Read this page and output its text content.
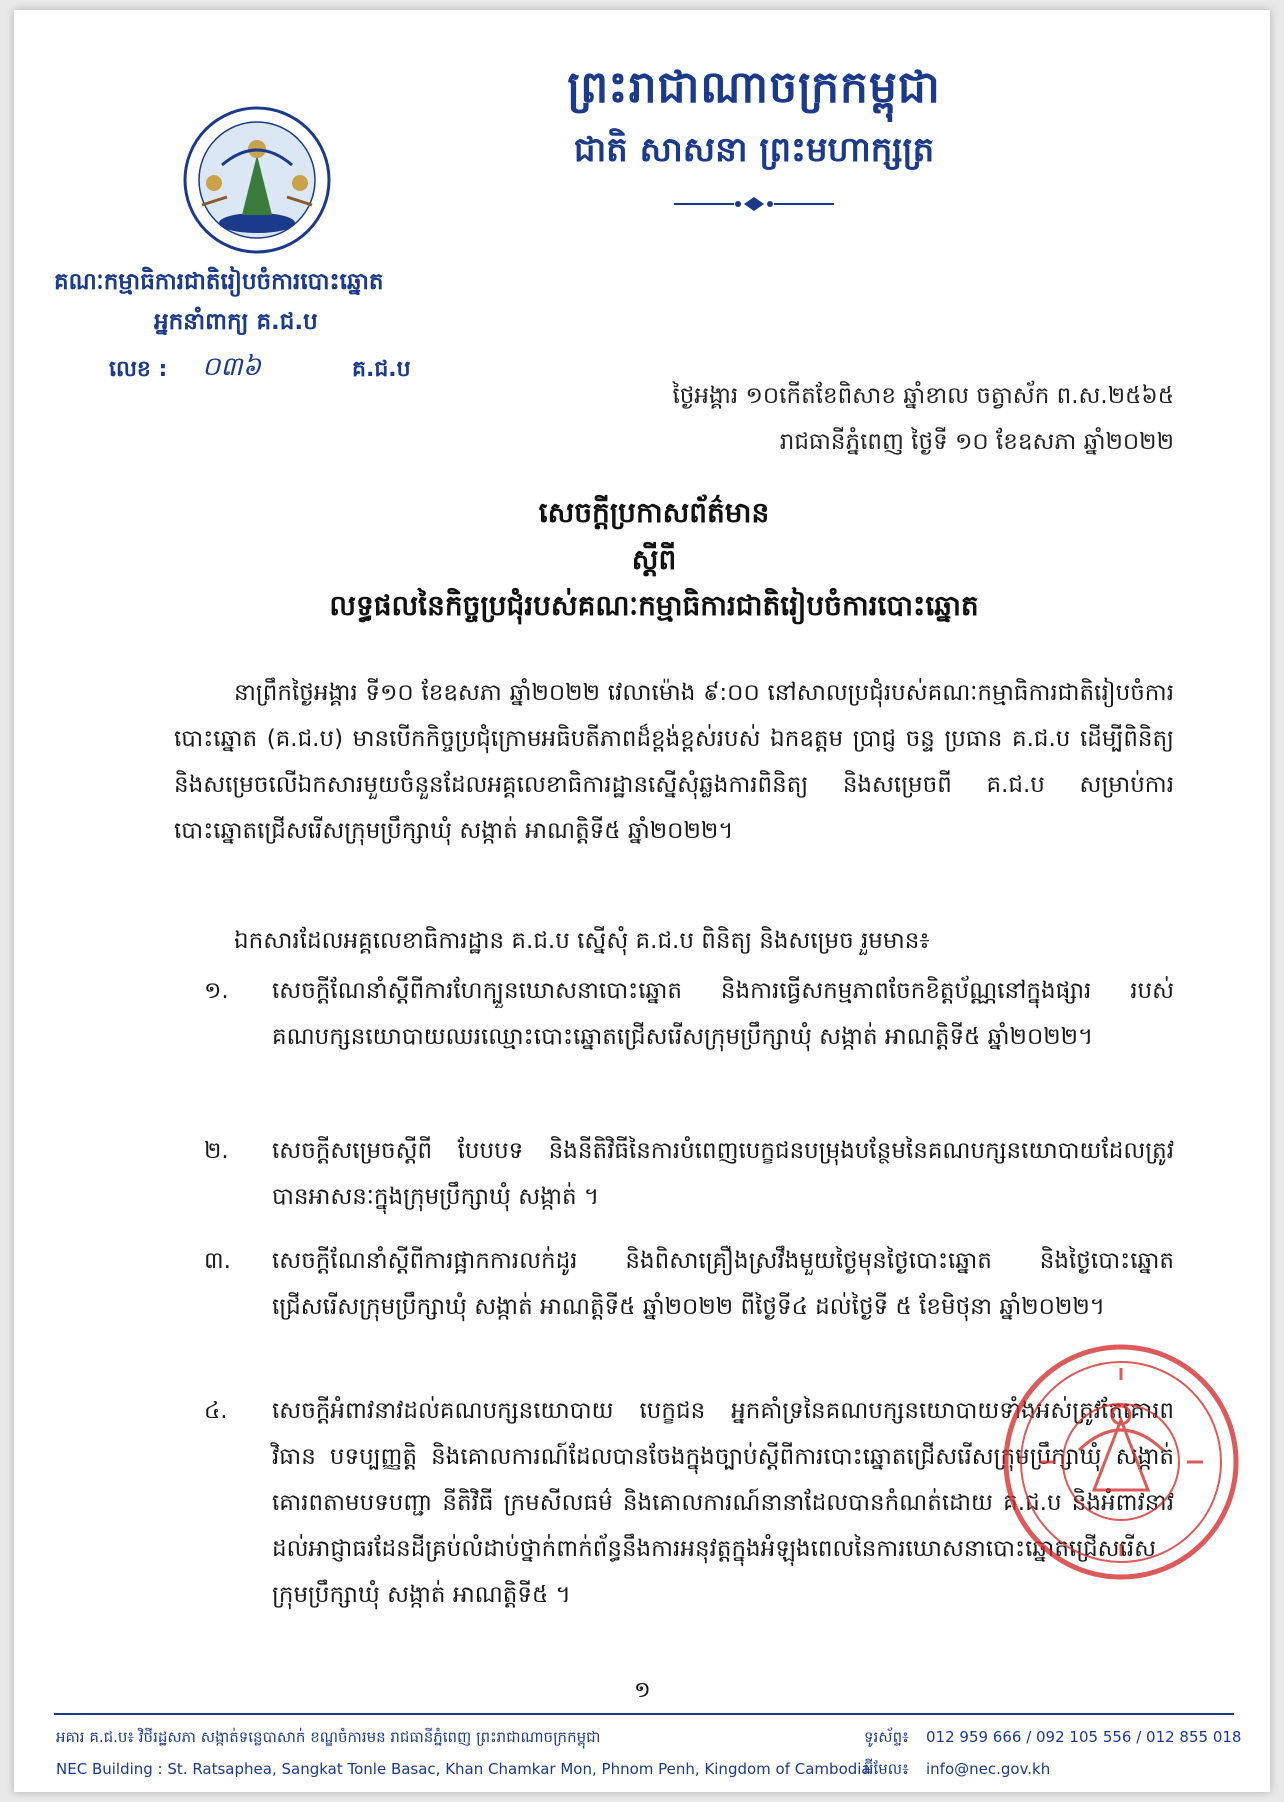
ព្រះរាជាណាចក្រកម្ពុជា
ជាតិ សាសនា ព្រះមហាក្សត្រ
គណៈកម្មាធិការជាតិរៀបចំការបោះឆ្នោត
អ្នកនាំពាក្យ គ.ជ.ប
លេខ : ០៣៦	គ.ជ.ប
ថ្ងៃអង្គារ ១០កើតខែពិសាខ ឆ្នាំខាល ចត្វាស័ក ព.ស.២៥៦៥
រាជធានីភ្នំពេញ ថ្ងៃទី ១០ ខែឧសភា ឆ្នាំ២០២២
សេចក្តីប្រកាសព័ត៌មាន
ស្តីពី
លទ្ធផលនៃកិច្ចប្រជុំរបស់គណៈកម្មាធិការជាតិរៀបចំការបោះឆ្នោត
នាព្រឹកថ្ងៃអង្គារ ទី១០ ខែឧសភា ឆ្នាំ២០២២ វេលាម៉ោង ៩:០០ នៅសាលប្រជុំរបស់គណៈកម្មាធិការជាតិរៀបចំការបោះឆ្នោត (គ.ជ.ប) មានបើកកិច្ចប្រជុំក្រោមអធិបតីភាពដ៏ខ្ពង់ខ្ពស់របស់ ឯកឧត្តម ប្រាជ្ញ ចន្ទ ប្រធាន គ.ជ.ប ដើម្បីពិនិត្យ និងសម្រេចលើឯកសារមួយចំនួនដែលអគ្គលេខាធិការដ្ឋានស្នើសុំឆ្លងការពិនិត្យ និងសម្រេចពី គ.ជ.ប សម្រាប់ការបោះឆ្នោតជ្រើសរើសក្រុមប្រឹក្សាឃុំ សង្កាត់ អាណត្តិទី៥ ឆ្នាំ២០២២។
ឯកសារដែលអគ្គលេខាធិការដ្ឋាន គ.ជ.ប ស្នើសុំ គ.ជ.ប ពិនិត្យ និងសម្រេច រួមមាន៖
១.	សេចក្តីណែនាំស្តីពីការហែក្បួនឃោសនាបោះឆ្នោត និងការធ្វើសកម្មភាពចែកខិត្តប័ណ្ណនៅក្នុងផ្សារ របស់គណបក្សនយោបាយឈរឈ្មោះបោះឆ្នោតជ្រើសរើសក្រុមប្រឹក្សាឃុំ សង្កាត់ អាណត្តិទី៥ ឆ្នាំ២០២២។
២.	សេចក្តីសម្រេចស្តីពី បែបបទ និងនីតិវិធីនៃការបំពេញបេក្ខជនបម្រុងបន្ថែមនៃគណបក្សនយោបាយដែលត្រូវបានអាសនៈក្នុងក្រុមប្រឹក្សាឃុំ សង្កាត់ ។
៣.	សេចក្តីណែនាំស្តីពីការផ្អាកការលក់ដូរ និងពិសាគ្រឿងស្រវឹងមួយថ្ងៃមុនថ្ងៃបោះឆ្នោត និងថ្ងៃបោះឆ្នោតជ្រើសរើសក្រុមប្រឹក្សាឃុំ សង្កាត់ អាណត្តិទី៥ ឆ្នាំ២០២២ ពីថ្ងៃទី៤ ដល់ថ្ងៃទី ៥ ខែមិថុនា ឆ្នាំ២០២២។
៤.	សេចក្តីអំពាវនាវដល់គណបក្សនយោបាយ បេក្ខជន អ្នកគាំទ្រនៃគណបក្សនយោបាយទាំងអស់ត្រូវតែគោរពវិធាន បទប្បញ្ញត្តិ និងគោលការណ៍ដែលបានចែងក្នុងច្បាប់ស្តីពីការបោះឆ្នោតជ្រើសរើសក្រុមប្រឹក្សាឃុំ សង្កាត់ គោរពតាមបទបញ្ជា នីតិវិធី ក្រមសីលធម៌ និងគោលការណ៍នានាដែលបានកំណត់ដោយ គ.ជ.ប និងអំពាវនាវដល់អាជ្ញាធរដែនដីគ្រប់លំដាប់ថ្នាក់ពាក់ព័ន្ធនឹងការអនុវត្តក្នុងអំឡុងពេលនៃការឃោសនាបោះឆ្នោតជ្រើសរើសក្រុមប្រឹក្សាឃុំ សង្កាត់ អាណត្តិទី៥ ។
១
អគារ គ.ជ.ប៖ វិថីរដ្ឋសភា សង្កាត់ទន្លេបាសាក់ ខណ្ឌចំការមន រាជធានីភ្នំពេញ ព្រះរាជាណាចក្រកម្ពុជា
NEC Building : St. Ratsaphea, Sangkat Tonle Basac, Khan Chamkar Mon, Phnom Penh, Kingdom of Cambodia
ទូរស័ព្ទ៖ 012 959 666 / 092 105 556 / 012 855 018
អ៊ីមែល៖ info@nec.gov.kh
